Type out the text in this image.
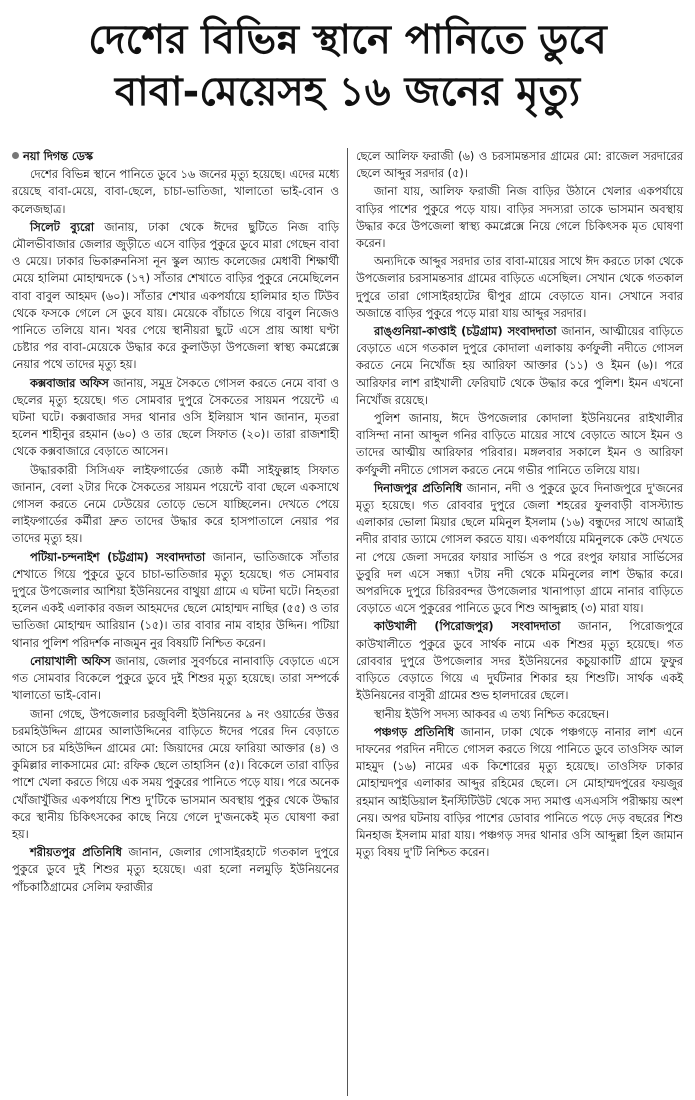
দেশের বিভিন্ন স্থানে পানিতে ডুবে
বাবা-মেয়েসহ ১৬ জনের মৃত্যু

নয়া দিগন্ত ডেস্ক

দেশের বিভিন্ন স্থানে পানিতে ডুবে ১৬ জনের মৃত্যু হয়েছে। এদের মধ্যে রয়েছে বাবা-মেয়ে, বাবা-ছেলে, চাচা-ভাতিজা, খালাতো ভাই-বোন ও কলেজছাত্র।

সিলেট ব্যুরো জানায়, ঢাকা থেকে ঈদের ছুটিতে নিজ বাড়ি মৌলভীবাজার জেলার জুড়ীতে এসে বাড়ির পুকুরে ডুবে মারা গেছেন বাবা ও মেয়ে। ঢাকার ভিকারুননিসা নূন স্কুল অ্যান্ড কলেজের মেধাবী শিক্ষার্থী মেয়ে হালিমা মোহাম্মদকে (১৭) সাঁতার শেখাতে বাড়ির পুকুরে নেমেছিলেন বাবা বাবুল আহমদ (৬০)। সাঁতার শেখার একপর্যায়ে হালিমার হাত টিউব থেকে ফসকে গেলে সে ডুবে যায়। মেয়েকে বাঁচাতে গিয়ে বাবুল নিজেও পানিতে তলিয়ে যান। খবর পেয়ে স্থানীয়রা ছুটে এসে প্রায় আধা ঘণ্টা চেষ্টার পর বাবা-মেয়েকে উদ্ধার করে কুলাউড়া উপজেলা স্বাস্থ্য কমপ্লেক্সে নেয়ার পথে তাদের মৃত্যু হয়।

কক্সবাজার অফিস জানায়, সমুদ্র সৈকতে গোসল করতে নেমে বাবা ও ছেলের মৃত্যু হয়েছে। গত সোমবার দুপুরে সৈকতের সায়মন পয়েন্টে এ ঘটনা ঘটে। কক্সবাজার সদর থানার ওসি ইলিয়াস খান জানান, মৃতরা হলেন শাহীনুর রহমান (৬০) ও তার ছেলে সিফাত (২০)। তারা রাজশাহী থেকে কক্সবাজারে বেড়াতে আসেন।

উদ্ধারকারী সিসিএফ লাইফগার্ডের জ্যেষ্ঠ কর্মী সাইফুল্লাহ সিফাত জানান, বেলা ২টার দিকে সৈকতের সায়মন পয়েন্টে বাবা ছেলে একসাথে গোসল করতে নেমে ঢেউয়ের তোড়ে ভেসে যাচ্ছিলেন। দেখতে পেয়ে লাইফগার্ডের কর্মীরা দ্রুত তাদের উদ্ধার করে হাসপাতালে নেয়ার পর তাদের মৃত্যু হয়।

পটিয়া-চন্দনাইশ (চট্টগ্রাম) সংবাদদাতা জানান, ভাতিজাকে সাঁতার শেখাতে গিয়ে পুকুরে ডুবে চাচা-ভাতিজার মৃত্যু হয়েছে। গত সোমবার দুপুরে উপজেলার আশিয়া ইউনিয়নের বাথুয়া গ্রামে এ ঘটনা ঘটে। নিহতরা হলেন একই এলাকার বজল আহমদের ছেলে মোহাম্মদ নাছির (৫৫) ও তার ভাতিজা মোহাম্মদ আরিয়ান (১৫)। তার বাবার নাম বাহার উদ্দিন। পটিয়া থানার পুলিশ পরিদর্শক নাজমুন নুর বিষয়টি নিশ্চিত করেন।

নোয়াখালী অফিস জানায়, জেলার সুবর্ণচরে নানাবাড়ি বেড়াতে এসে গত সোমবার বিকেলে পুকুরে ডুবে দুই শিশুর মৃত্যু হয়েছে। তারা সম্পর্কে খালাতো ভাই-বোন।

জানা গেছে, উপজেলার চরজুবিলী ইউনিয়নের ৯ নং ওয়ার্ডের উত্তর চরমহিউদ্দিন গ্রামের আলাউদ্দিনের বাড়িতে ঈদের পরের দিন বেড়াতে আসে চর মহিউদ্দিন গ্রামের মো: জিয়াদের মেয়ে ফারিয়া আক্তার (৪) ও কুমিল্লার লাকসামের মো: রফিক ছেলে তাহাসিন (৫)। বিকেলে তারা বাড়ির পাশে খেলা করতে গিয়ে এক সময় পুকুরের পানিতে পড়ে যায়। পরে অনেক খোঁজাখুঁজির একপর্যায়ে শিশু দু'টিকে ভাসমান অবস্থায় পুকুর থেকে উদ্ধার করে স্থানীয় চিকিৎসকের কাছে নিয়ে গেলে দু'জনকেই মৃত ঘোষণা করা হয়।

শরীয়তপুর প্রতিনিধি জানান, জেলার গোসাইরহাটে গতকাল দুপুরে পুকুরে ডুবে দুই শিশুর মৃত্যু হয়েছে। এরা হলো নলমুড়ি ইউনিয়নের পাঁচকাঠিগ্রামের সেলিম ফরাজীর

ছেলে আলিফ ফরাজী (৬) ও চরসামন্তসার গ্রামের মো: রাজেল সরদারের ছেলে আব্দুর সরদার (৫)।

জানা যায়, আলিফ ফরাজী নিজ বাড়ির উঠানে খেলার একপর্যায়ে বাড়ির পাশের পুকুরে পড়ে যায়। বাড়ির সদস্যরা তাকে ভাসমান অবস্থায় উদ্ধার করে উপজেলা স্বাস্থ্য কমপ্লেক্সে নিয়ে গেলে চিকিৎসক মৃত ঘোষণা করেন।

অন্যদিকে আব্দুর সরদার তার বাবা-মায়ের সাথে ঈদ করতে ঢাকা থেকে উপজেলার চরসামন্তসার গ্রামের বাড়িতে এসেছিল। সেখান থেকে গতকাল দুপুরে তারা গোসাইরহাটের দ্বীপুর গ্রামে বেড়াতে যান। সেখানে সবার অজান্তে বাড়ির পুকুরে পড়ে মারা যায় আব্দুর সরদার।

রাঙ্গুনিয়া-কাপ্তাই (চট্টগ্রাম) সংবাদদাতা জানান, আত্মীয়ের বাড়িতে বেড়াতে এসে গতকাল দুপুরে কোদালা এলাকায় কর্ণফুলী নদীতে গোসল করতে নেমে নিখোঁজ হয় আরিফা আক্তার (১১) ও ইমন (৬)। পরে আরিফার লাশ রাইখালী ফেরিঘাট থেকে উদ্ধার করে পুলিশ। ইমন এখনো নিখোঁজ রয়েছে।

পুলিশ জানায়, ঈদে উপজেলার কোদালা ইউনিয়নের রাইখালীর বাসিন্দা নানা আব্দুল গনির বাড়িতে মায়ের সাথে বেড়াতে আসে ইমন ও তাদের আত্মীয় আরিফার পরিবার। মঙ্গলবার সকালে ইমন ও আরিফা কর্ণফুলী নদীতে গোসল করতে নেমে গভীর পানিতে তলিয়ে যায়।

দিনাজপুর প্রতিনিধি জানান, নদী ও পুকুরে ডুবে দিনাজপুরে দু'জনের মৃত্যু হয়েছে। গত রোববার দুপুরে জেলা শহরের ফুলবাড়ী বাসস্ট্যান্ড এলাকার ভোলা মিয়ার ছেলে মমিনুল ইসলাম (১৬) বন্ধুদের সাথে আত্রাই নদীর রাবার ড্যামে গোসল করতে যায়। একপর্যায়ে মমিনুলকে কেউ দেখতে না পেয়ে জেলা সদরের ফায়ার সার্ভিস ও পরে রংপুর ফায়ার সার্ভিসের ডুবুরি দল এসে সন্ধ্যা ৭টায় নদী থেকে মমিনুলের লাশ উদ্ধার করে। অপরদিকে দুপুরে চিরিরবন্দর উপজেলার খানাপাড়া গ্রামে নানার বাড়িতে বেড়াতে এসে পুকুরের পানিতে ডুবে শিশু আব্দুল্লাহ (৩) মারা যায়।

কাউখালী (পিরোজপুর) সংবাদদাতা জানান, পিরোজপুরে কাউখালীতে পুকুরে ডুবে সার্থক নামে এক শিশুর মৃত্যু হয়েছে। গত রোববার দুপুরে উপজেলার সদর ইউনিয়নের কচুয়াকাটি গ্রামে ফুফুর বাড়িতে বেড়াতে গিয়ে এ দুর্ঘটনার শিকার হয় শিশুটি। সার্থক একই ইউনিয়নের বাসুরী গ্রামের শুভ হালদারের ছেলে।

স্থানীয় ইউপি সদস্য আকবর এ তথ্য নিশ্চিত করেছেন।

পঞ্চগড় প্রতিনিধি জানান, ঢাকা থেকে পঞ্চগড়ে নানার লাশ এনে দাফনের পরদিন নদীতে গোসল করতে গিয়ে পানিতে ডুবে তাওসিফ আল মাহমুদ (১৬) নামের এক কিশোরের মৃত্যু হয়েছে। তাওসিফ ঢাকার মোহাম্মদপুর এলাকার আব্দুর রহিমের ছেলে। সে মোহাম্মদপুরের ফয়জুর রহমান আইডিয়াল ইনস্টিটিউট থেকে সদ্য সমাপ্ত এসএসসি পরীক্ষায় অংশ নেয়। অপর ঘটনায় বাড়ির পাশের ডোবার পানিতে পড়ে দেড় বছরের শিশু মিনহাজ ইসলাম মারা যায়। পঞ্চগড় সদর থানার ওসি আব্দুল্লা হিল জামান মৃত্যু বিষয় দু'টি নিশ্চিত করেন।
